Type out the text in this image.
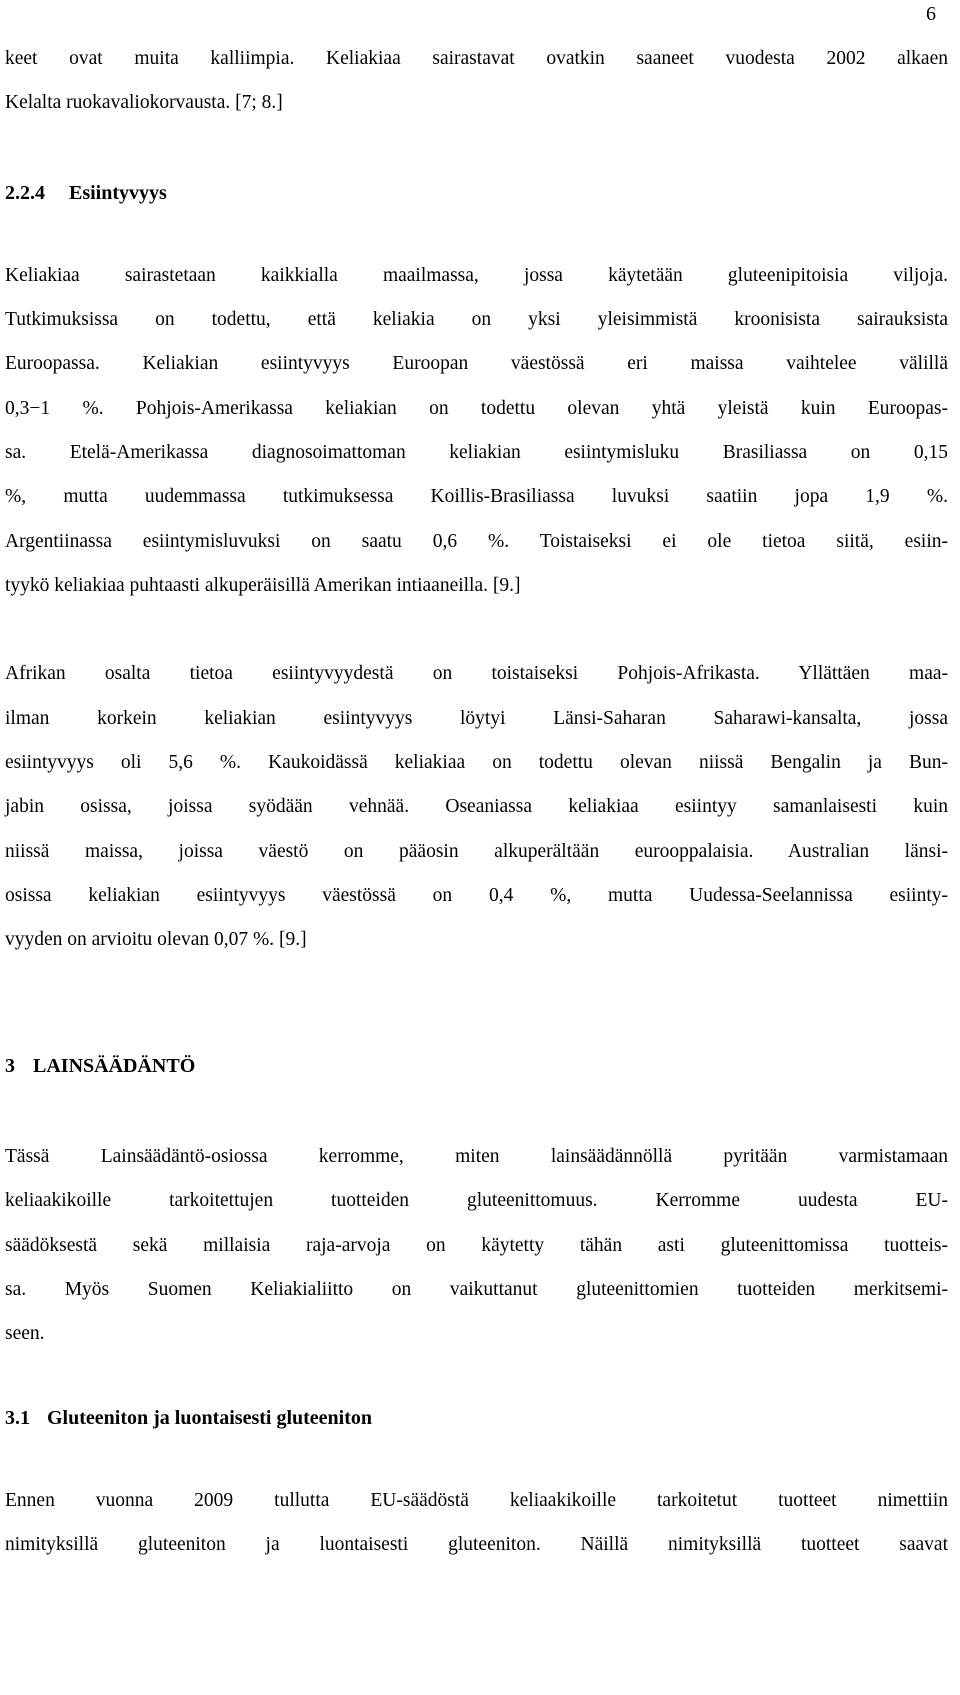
6
keet ovat muita kalliimpia. Keliakiaa sairastavat ovatkin saaneet vuodesta 2002 alkaen
Kelalta ruokavaliokorvausta. [7; 8.]
2.2.4 Esiintyvyys
Keliakiaa sairastetaan kaikkialla maailmassa, jossa käytetään gluteenipitoisia viljoja.
Tutkimuksissa on todettu, että keliakia on yksi yleisimmistä kroonisista sairauksista
Euroopassa. Keliakian esiintyvyys Euroopan väestössä eri maissa vaihtelee välillä
0,3−1 %. Pohjois-Amerikassa keliakian on todettu olevan yhtä yleistä kuin Euroopas-
sa. Etelä-Amerikassa diagnosoimattoman keliakian esiintymisluku Brasiliassa on 0,15
%, mutta uudemmassa tutkimuksessa Koillis-Brasiliassa luvuksi saatiin jopa 1,9 %.
Argentiinassa esiintymisluvuksi on saatu 0,6 %. Toistaiseksi ei ole tietoa siitä, esiin-
tyykö keliakiaa puhtaasti alkuperäisillä Amerikan intiaaneilla. [9.]
Afrikan osalta tietoa esiintyvyydestä on toistaiseksi Pohjois-Afrikasta. Yllättäen maa-
ilman korkein keliakian esiintyvyys löytyi Länsi-Saharan Saharawi-kansalta, jossa
esiintyvyys oli 5,6 %. Kaukoidässä keliakiaa on todettu olevan niissä Bengalin ja Bun-
jabin osissa, joissa syödään vehnää. Oseaniassa keliakiaa esiintyy samanlaisesti kuin
niissä maissa, joissa väestö on pääosin alkuperältään eurooppalaisia. Australian länsi-
osissa keliakian esiintyvyys väestössä on 0,4 %, mutta Uudessa-Seelannissa esiinty-
vyyden on arvioitu olevan 0,07 %. [9.]
3 LAINSÄÄDÄNTÖ
Tässä Lainsäädäntö-osiossa kerromme, miten lainsäädännöllä pyritään varmistamaan
keliaakikoille tarkoitettujen tuotteiden gluteenittomuus. Kerromme uudesta EU-
säädöksestä sekä millaisia raja-arvoja on käytetty tähän asti gluteenittomissa tuotteis-
sa. Myös Suomen Keliakialiitto on vaikuttanut gluteenittomien tuotteiden merkitsemi-
seen.
3.1 Gluteeniton ja luontaisesti gluteeniton
Ennen vuonna 2009 tullutta EU-säädöstä keliaakikoille tarkoitetut tuotteet nimettiin
nimityksillä gluteeniton ja luontaisesti gluteeniton. Näillä nimityksillä tuotteet saavat
